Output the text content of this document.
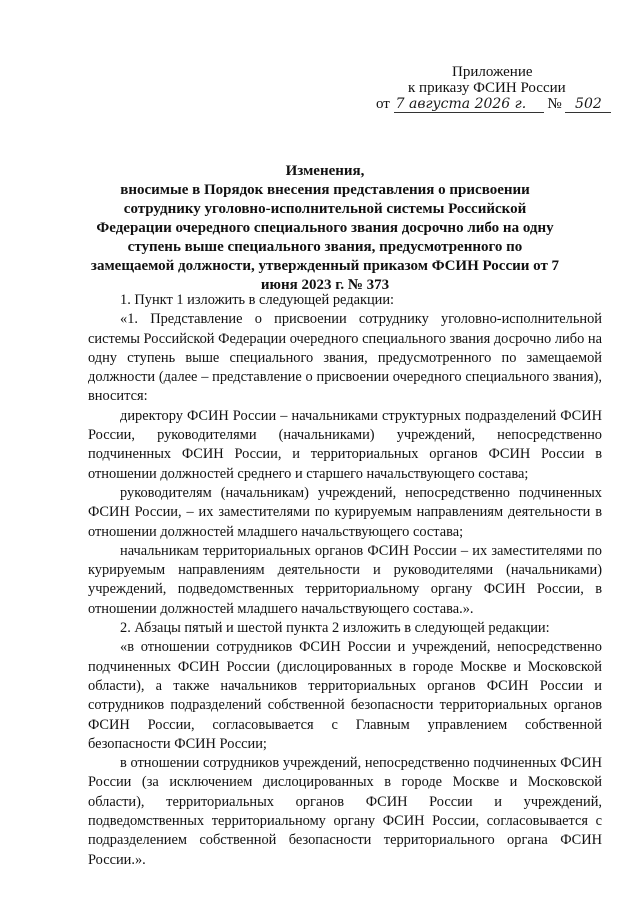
Приложение
к приказу ФСИН России
от 7 августа 2026 г. № 502
Изменения,
вносимые в Порядок внесения представления о присвоении сотруднику уголовно-исполнительной системы Российской Федерации очередного специального звания досрочно либо на одну ступень выше специального звания, предусмотренного по замещаемой должности, утвержденный приказом ФСИН России от 7 июня 2023 г. № 373

1. Пункт 1 изложить в следующей редакции:

«1. Представление о присвоении сотруднику уголовно-исполнительной системы Российской Федерации очередного специального звания досрочно либо на одну ступень выше специального звания, предусмотренного по замещаемой должности (далее – представление о присвоении очередного специального звания), вносится:

директору ФСИН России – начальниками структурных подразделений ФСИН России, руководителями (начальниками) учреждений, непосредственно подчиненных ФСИН России, и территориальных органов ФСИН России в отношении должностей среднего и старшего начальствующего состава;

руководителям (начальникам) учреждений, непосредственно подчиненных ФСИН России, – их заместителями по курируемым направлениям деятельности в отношении должностей младшего начальствующего состава;

начальникам территориальных органов ФСИН России – их заместителями по курируемым направлениям деятельности и руководителями (начальниками) учреждений, подведомственных территориальному органу ФСИН России, в отношении должностей младшего начальствующего состава.».

2. Абзацы пятый и шестой пункта 2 изложить в следующей редакции:

«в отношении сотрудников ФСИН России и учреждений, непосредственно подчиненных ФСИН России (дислоцированных в городе Москве и Московской области), а также начальников территориальных органов ФСИН России и сотрудников подразделений собственной безопасности территориальных органов ФСИН России, согласовывается с Главным управлением собственной безопасности ФСИН России;

в отношении сотрудников учреждений, непосредственно подчиненных ФСИН России (за исключением дислоцированных в городе Москве и Московской области), территориальных органов ФСИН России и учреждений, подведомственных территориальному органу ФСИН России, согласовывается с подразделением собственной безопасности территориального органа ФСИН России.».
